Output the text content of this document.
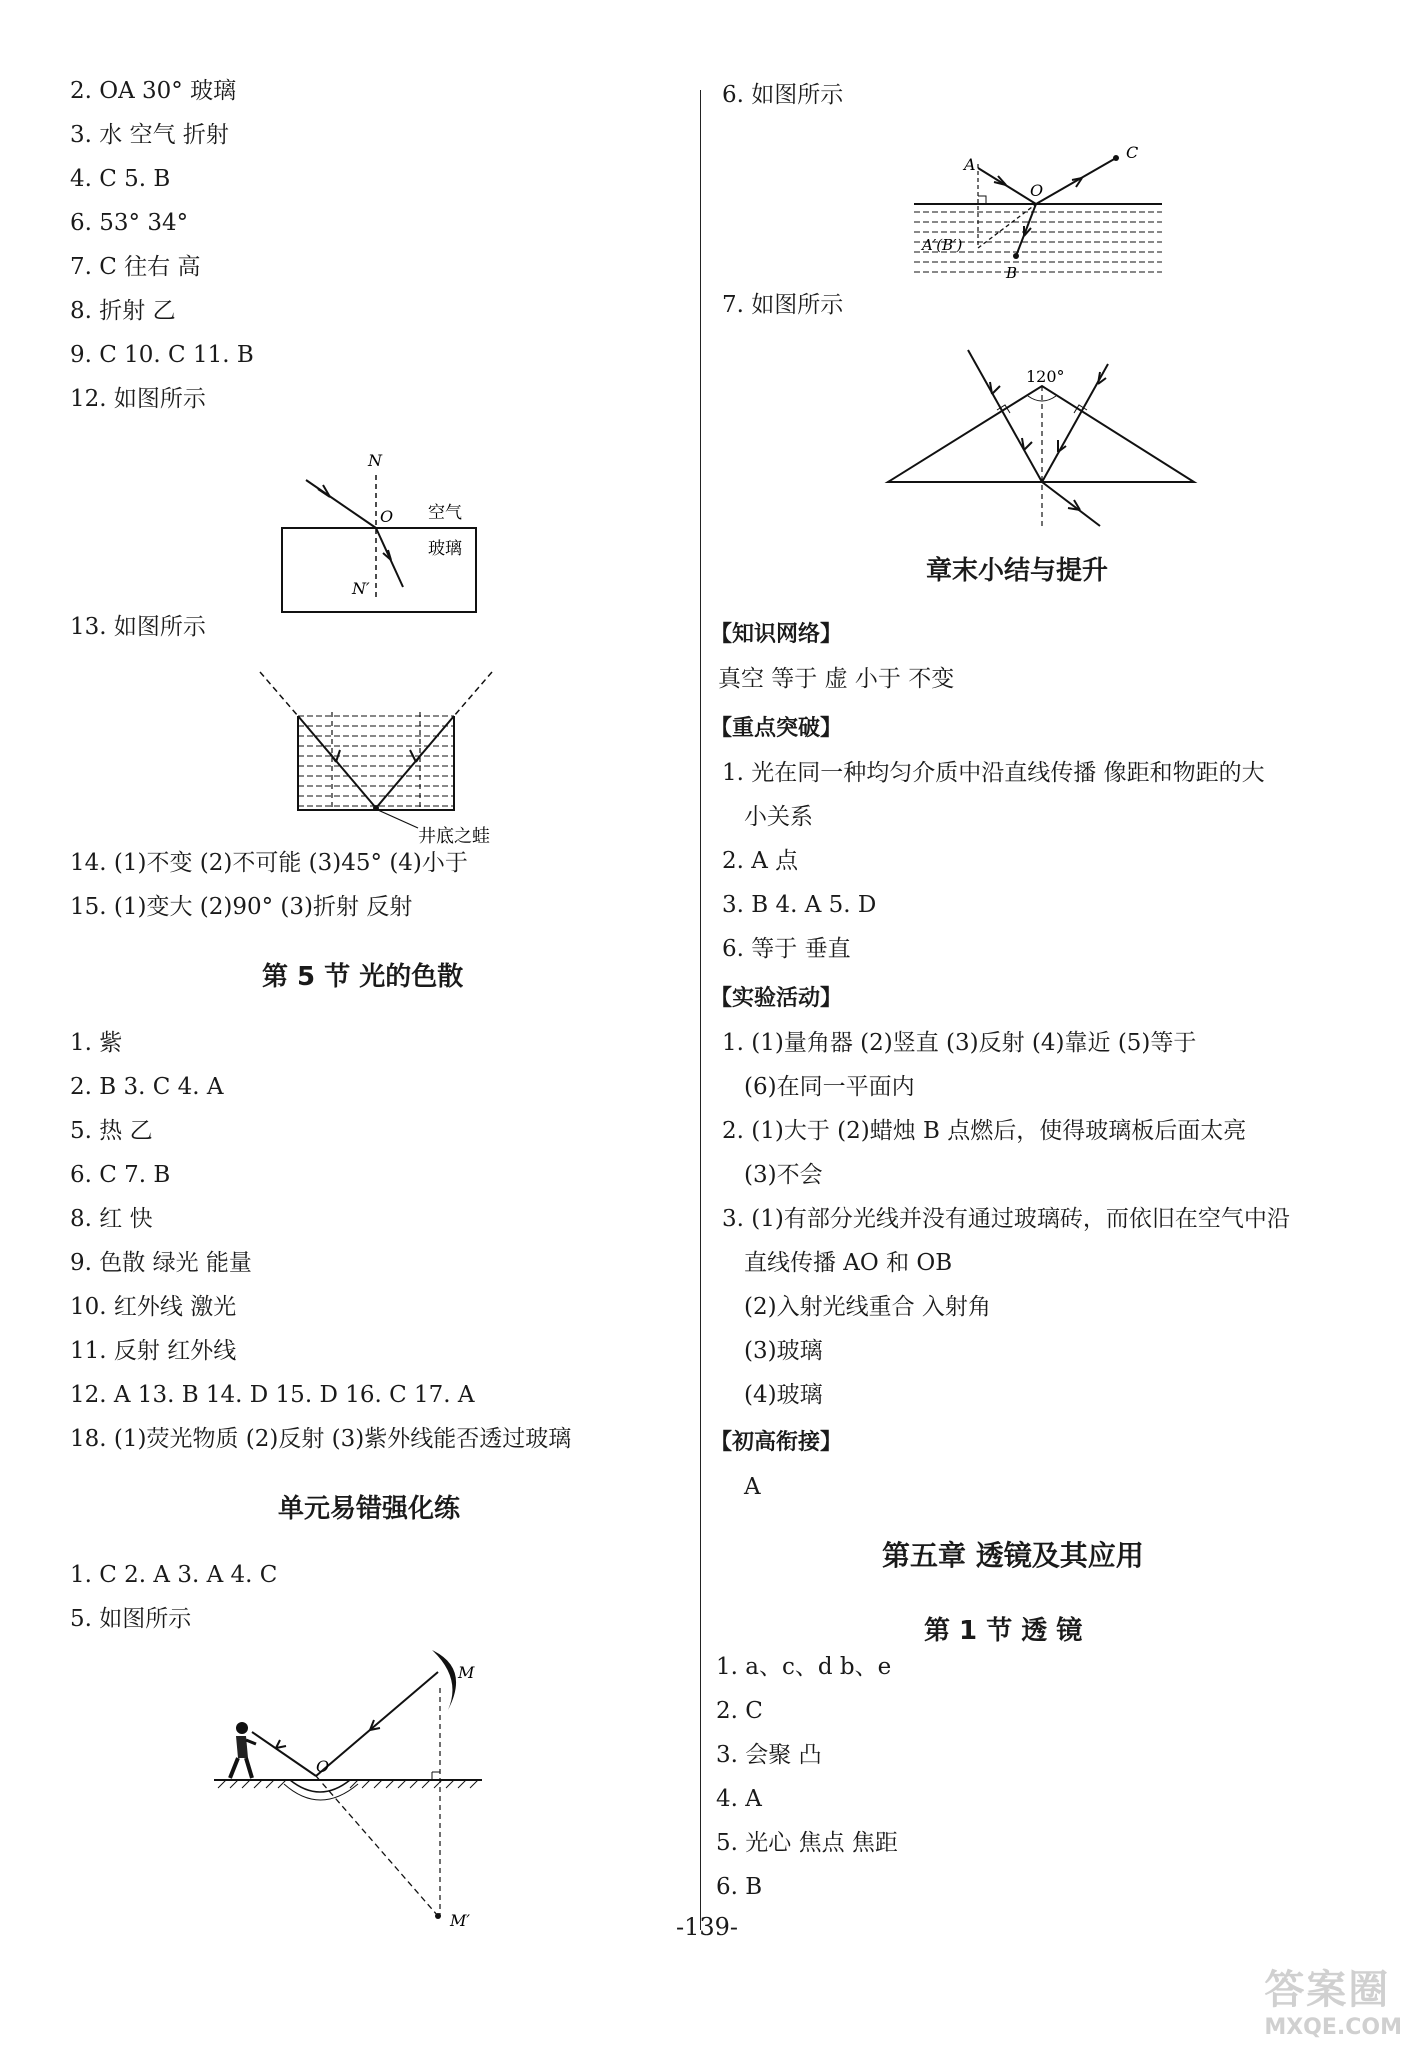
2. OA 30° 玻璃
3. 水 空气 折射
4. C 5. B
6. 53° 34°
7. C 往右 高
8. 折射 乙
9. C 10. C 11. B
12. 如图所示
13. 如图所示
14. (1)不变 (2)不可能 (3)45° (4)小于
15. (1)变大 (2)90° (3)折射 反射
1. 紫
2. B 3. C 4. A
5. 热 乙
6. C 7. B
8. 红 快
9. 色散 绿光 能量
10. 红外线 激光
11. 反射 红外线
12. A 13. B 14. D 15. D 16. C 17. A
18. (1)荧光物质 (2)反射 (3)紫外线能否透过玻璃
1. C 2. A 3. A 4. C
5. 如图所示
第 5 节 光的色散
单元易错强化练
6. 如图所示
7. 如图所示
真空 等于 虚 小于 不变
1. 光在同一种均匀介质中沿直线传播 像距和物距的大
小关系
2. A 点
3. B 4. A 5. D
6. 等于 垂直
1. (1)量角器 (2)竖直 (3)反射 (4)靠近 (5)等于
(6)在同一平面内
2. (1)大于 (2)蜡烛 B 点燃后，使得玻璃板后面太亮
(3)不会
3. (1)有部分光线并没有通过玻璃砖，而依旧在空气中沿
直线传播 AO 和 OB
(2)入射光线重合 入射角
(3)玻璃
(4)玻璃
A
1. a、c、d b、e
2. C
3. 会聚 凸
4. A
5. 光心 焦点 焦距
6. B
【知识网络】
【重点突破】
【实验活动】
【初高衔接】
章末小结与提升
第 1 节 透 镜
第五章 透镜及其应用
N
O 空气
玻璃
N′
井底之蛙
A
O
C
A′(B′)
B
120°
M
O
M′	-139-
答案圈
MXQE.COM
